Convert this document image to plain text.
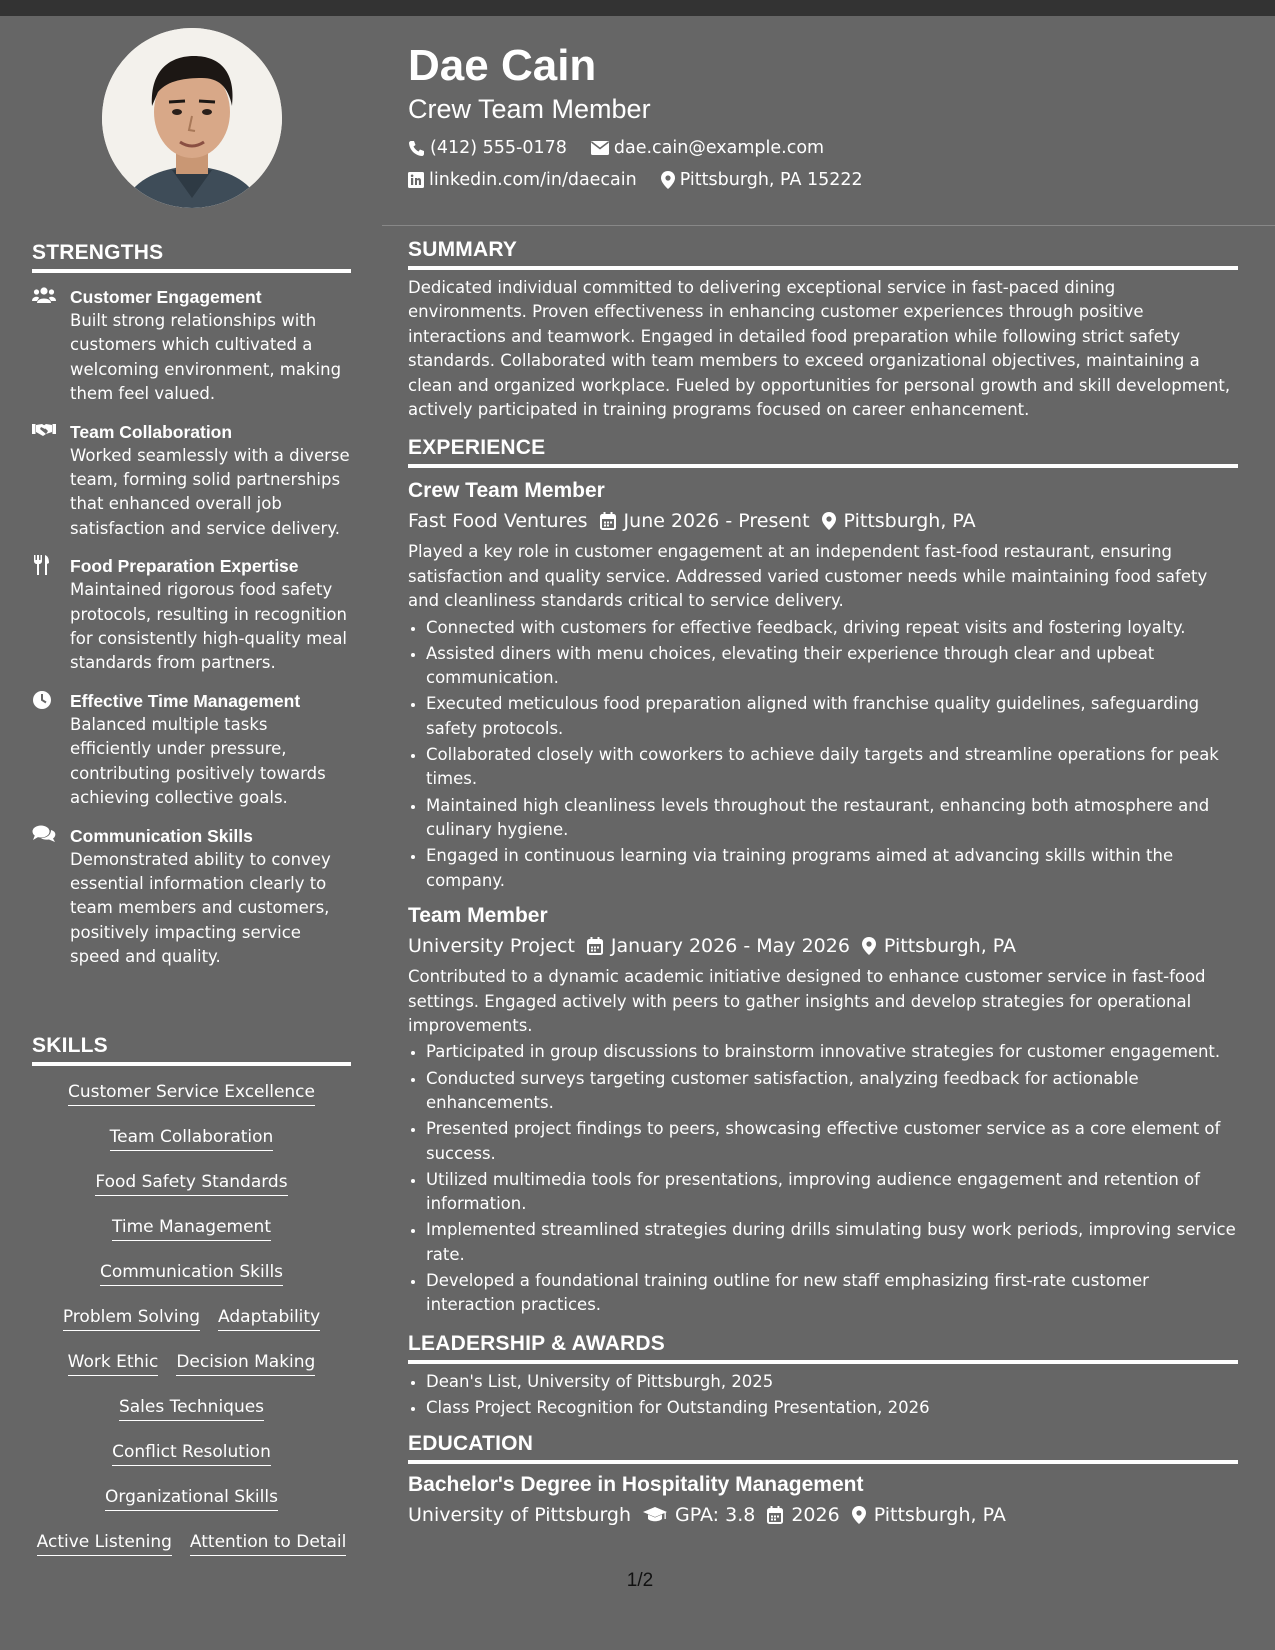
STRENGTHS
Customer Engagement
Built strong relationships with customers which cultivated a welcoming environment, making them feel valued.
Team Collaboration
Worked seamlessly with a diverse team, forming solid partnerships that enhanced overall job satisfaction and service delivery.
Food Preparation Expertise
Maintained rigorous food safety protocols, resulting in recognition for consistently high-quality meal standards from partners.
Effective Time Management
Balanced multiple tasks efficiently under pressure, contributing positively towards achieving collective goals.
Communication Skills
Demonstrated ability to convey essential information clearly to team members and customers, positively impacting service speed and quality.
SKILLS
Customer Service Excellence
Team Collaboration
Food Safety Standards
Time Management
Communication Skills
Problem Solving Adaptability
Work Ethic Decision Making
Sales Techniques
Conflict Resolution
Organizational Skills
Active Listening Attention to Detail
Dae Cain
Crew Team Member
(412) 555-0178	dae.cain@example.com
linkedin.com/in/daecain Pittsburgh, PA 15222
SUMMARY

Dedicated individual committed to delivering exceptional service in fast-paced dining environments. Proven effectiveness in enhancing customer experiences through positive interactions and teamwork. Engaged in detailed food preparation while following strict safety standards. Collaborated with team members to exceed organizational objectives, maintaining a clean and organized workplace. Fueled by opportunities for personal growth and skill development, actively participated in training programs focused on career enhancement.

EXPERIENCE
Crew Team Member
Fast Food Ventures June 2026 - Present Pittsburgh, PA

Played a key role in customer engagement at an independent fast-food restaurant, ensuring satisfaction and quality service. Addressed varied customer needs while maintaining food safety and cleanliness standards critical to service delivery.

• Connected with customers for effective feedback, driving repeat visits and fostering loyalty.
• Assisted diners with menu choices, elevating their experience through clear and upbeat communication.
• Executed meticulous food preparation aligned with franchise quality guidelines, safeguarding safety protocols.
• Collaborated closely with coworkers to achieve daily targets and streamline operations for peak times.
• Maintained high cleanliness levels throughout the restaurant, enhancing both atmosphere and culinary hygiene.
• Engaged in continuous learning via training programs aimed at advancing skills within the company.
Team Member
University Project January 2026 - May 2026 Pittsburgh, PA

Contributed to a dynamic academic initiative designed to enhance customer service in fast-food settings. Engaged actively with peers to gather insights and develop strategies for operational improvements.

• Participated in group discussions to brainstorm innovative strategies for customer engagement.
• Conducted surveys targeting customer satisfaction, analyzing feedback for actionable enhancements.
• Presented project findings to peers, showcasing effective customer service as a core element of success.
• Utilized multimedia tools for presentations, improving audience engagement and retention of information.
• Implemented streamlined strategies during drills simulating busy work periods, improving service rate.
• Developed a foundational training outline for new staff emphasizing first-rate customer interaction practices.
LEADERSHIP & AWARDS
• Dean's List, University of Pittsburgh, 2025
• Class Project Recognition for Outstanding Presentation, 2026
EDUCATION
Bachelor's Degree in Hospitality Management
University of Pittsburgh GPA: 3.8 2026 Pittsburgh, PA
1/2
